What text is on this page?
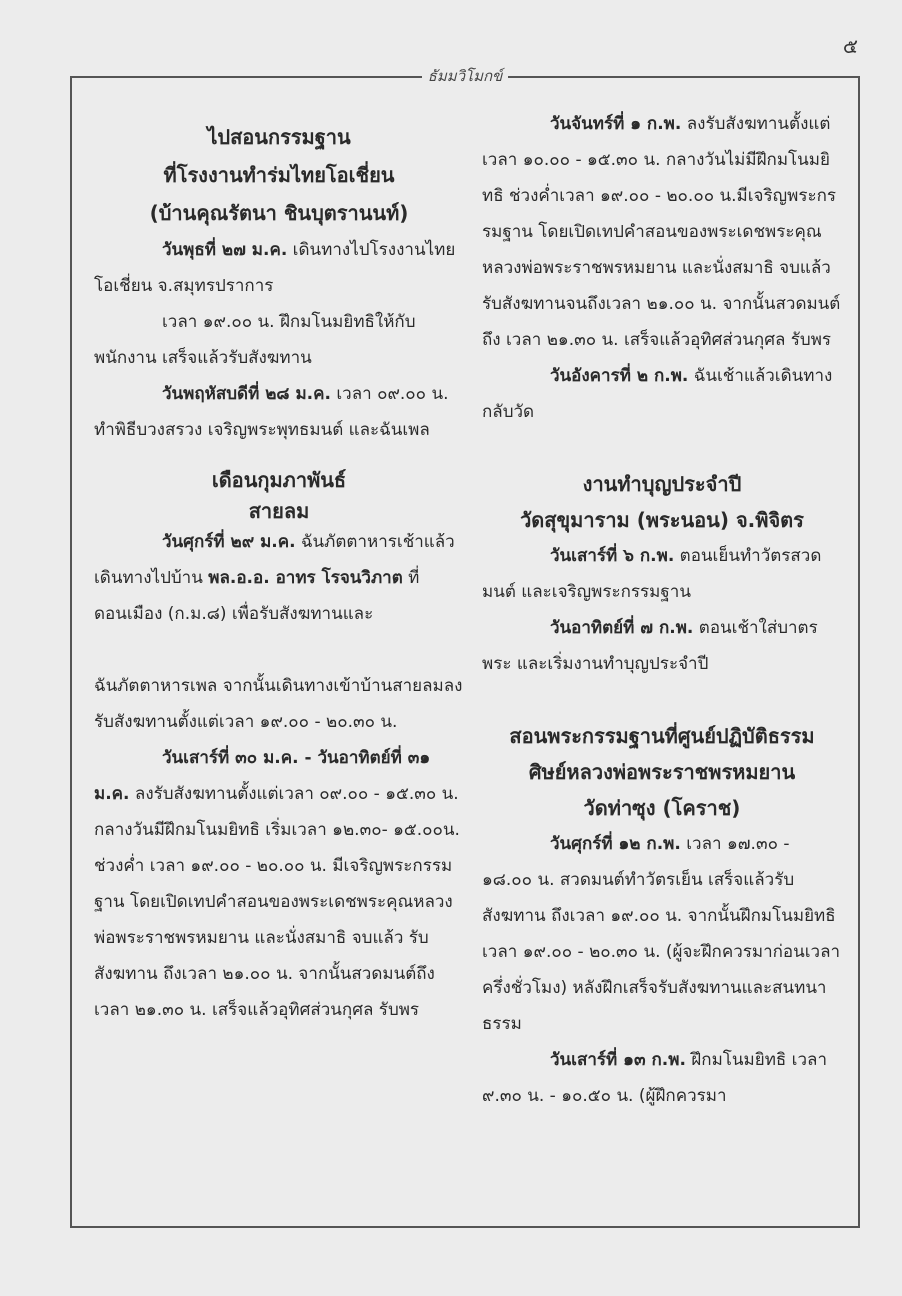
๕
ธัมมวิโมกข์
ไปสอนกรรมฐาน
ที่โรงงานทำร่มไทยโอเชี่ยน
(บ้านคุณรัตนา ชินบุตรานนท์)

วันพุธที่ ๒๗ ม.ค. เดินทางไปโรงงานไทยโอเชี่ยน จ.สมุทรปราการ

เวลา ๑๙.๐๐ น. ฝึกมโนมยิทธิให้กับพนักงาน เสร็จแล้วรับสังฆทาน

วันพฤหัสบดีที่ ๒๘ ม.ค. เวลา ๐๙.๐๐ น. ทำพิธีบวงสรวง เจริญพระพุทธมนต์ และฉันเพล

เดือนกุมภาพันธ์
สายลม

วันศุกร์ที่ ๒๙ ม.ค. ฉันภัตตาหารเช้าแล้วเดินทางไปบ้าน พล.อ.อ. อาทร โรจนวิภาต ที่ดอนเมือง (ก.ม.๘) เพื่อรับสังฆทานและ

ฉันภัตตาหารเพล จากนั้นเดินทางเข้าบ้านสายลมลงรับสังฆทานตั้งแต่เวลา ๑๙.๐๐ - ๒๐.๓๐ น.

วันเสาร์ที่ ๓๐ ม.ค. - วันอาทิตย์ที่ ๓๑ ม.ค. ลงรับสังฆทานตั้งแต่เวลา ๐๙.๐๐ - ๑๕.๓๐ น. กลางวันมีฝึกมโนมยิทธิ เริ่มเวลา ๑๒.๓๐- ๑๕.๐๐น. ช่วงค่ำ เวลา ๑๙.๐๐ - ๒๐.๐๐ น. มีเจริญพระกรรมฐาน โดยเปิดเทปคำสอนของพระเดชพระคุณหลวงพ่อพระราชพรหมยาน และนั่งสมาธิ จบแล้ว รับสังฆทาน ถึงเวลา ๒๑.๐๐ น. จากนั้นสวดมนต์ถึงเวลา ๒๑.๓๐ น. เสร็จแล้วอุทิศส่วนกุศล รับพร

วันจันทร์ที่ ๑ ก.พ. ลงรับสังฆทานตั้งแต่เวลา ๑๐.๐๐ - ๑๕.๓๐ น. กลางวันไม่มีฝึกมโนมยิทธิ ช่วงค่ำเวลา ๑๙.๐๐ - ๒๐.๐๐ น.มีเจริญพระกรรมฐาน โดยเปิดเทปคำสอนของพระเดชพระคุณหลวงพ่อพระราชพรหมยาน และนั่งสมาธิ จบแล้ว รับสังฆทานจนถึงเวลา ๒๑.๐๐ น. จากนั้นสวดมนต์ถึง เวลา ๒๑.๓๐ น. เสร็จแล้วอุทิศส่วนกุศล รับพร

วันอังคารที่ ๒ ก.พ. ฉันเช้าแล้วเดินทางกลับวัด

งานทำบุญประจำปี
วัดสุขุมาราม (พระนอน) จ.พิจิตร

วันเสาร์ที่ ๖ ก.พ. ตอนเย็นทำวัตรสวดมนต์ และเจริญพระกรรมฐาน

วันอาทิตย์ที่ ๗ ก.พ. ตอนเช้าใส่บาตรพระ และเริ่มงานทำบุญประจำปี

สอนพระกรรมฐานที่ศูนย์ปฏิบัติธรรม
ศิษย์หลวงพ่อพระราชพรหมยาน
วัดท่าซุง (โคราช)

วันศุกร์ที่ ๑๒ ก.พ. เวลา ๑๗.๓๐ - ๑๘.๐๐ น. สวดมนต์ทำวัตรเย็น เสร็จแล้วรับสังฆทาน ถึงเวลา ๑๙.๐๐ น. จากนั้นฝึกมโนมยิทธิ เวลา ๑๙.๐๐ - ๒๐.๓๐ น. (ผู้จะฝึกควรมาก่อนเวลาครึ่งชั่วโมง) หลังฝึกเสร็จรับสังฆทานและสนทนาธรรม

วันเสาร์ที่ ๑๓ ก.พ. ฝึกมโนมยิทธิ เวลา ๙.๓๐ น. - ๑๐.๕๐ น. (ผู้ฝึกควรมา
